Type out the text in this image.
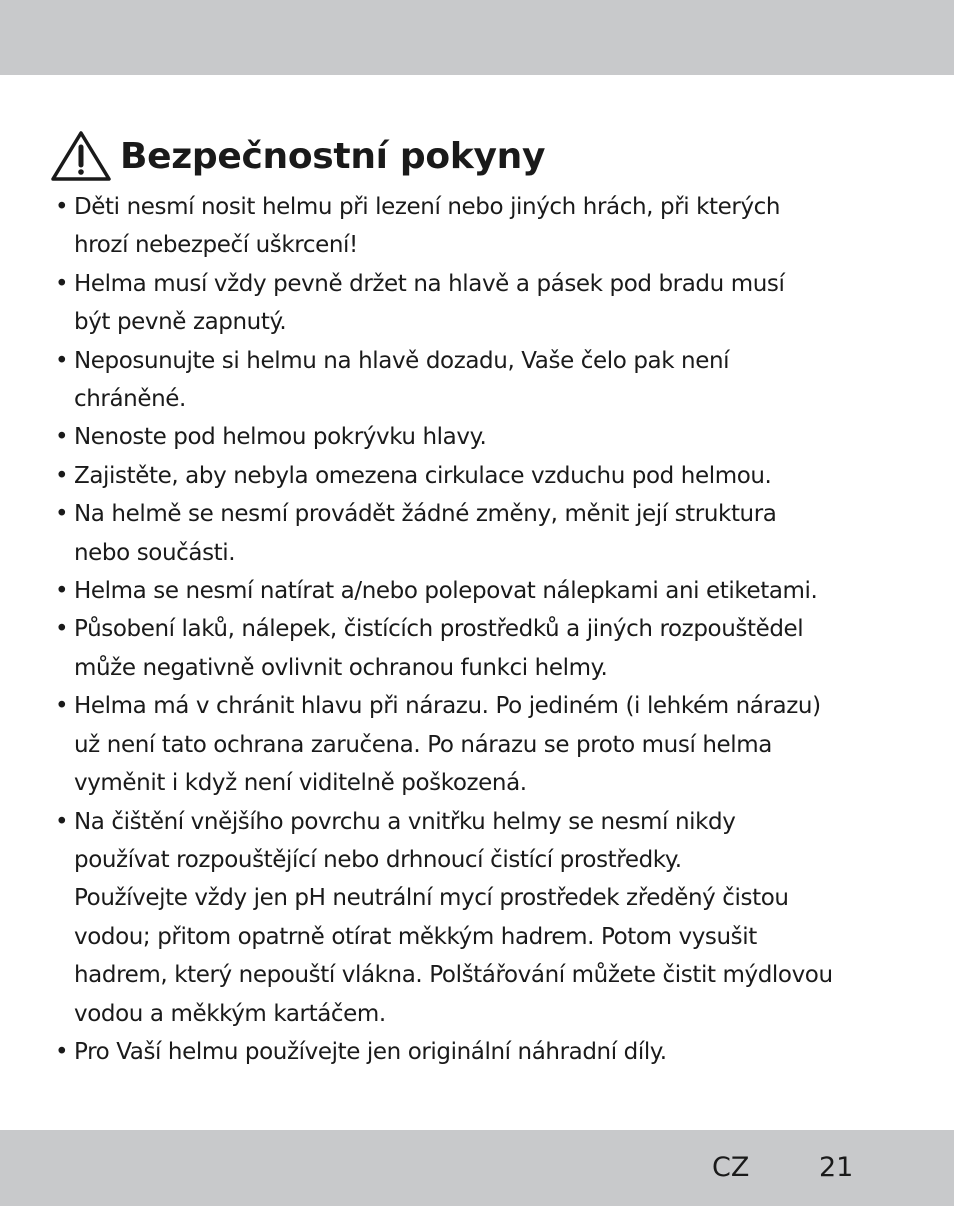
Bezpečnostní pokyny
• Děti nesmí nosit helmu při lezení nebo jiných hrách, při kterých
hrozí nebezpečí uškrcení!
• Helma musí vždy pevně držet na hlavě a pásek pod bradu musí
být pevně zapnutý.
• Neposunujte si helmu na hlavě dozadu, Vaše čelo pak není
chráněné.
• Nenoste pod helmou pokrývku hlavy.
• Zajistěte, aby nebyla omezena cirkulace vzduchu pod helmou.
• Na helmě se nesmí provádět žádné změny, měnit její struktura
nebo součásti.
• Helma se nesmí natírat a/nebo polepovat nálepkami ani etiketami.
• Působení laků, nálepek, čistících prostředků a jiných rozpouštědel
může negativně ovlivnit ochranou funkci helmy.
• Helma má v chránit hlavu při nárazu. Po jediném (i lehkém nárazu)
už není tato ochrana zaručena. Po nárazu se proto musí helma
vyměnit i když není viditelně poškozená.
• Na čištění vnějšího povrchu a vnitřku helmy se nesmí nikdy
používat rozpouštějící nebo drhnoucí čistící prostředky.
Používejte vždy jen pH neutrální mycí prostředek zředěný čistou
vodou; přitom opatrně otírat měkkým hadrem. Potom vysušit
hadrem, který nepouští vlákna. Polštářování můžete čistit mýdlovou
vodou a měkkým kartáčem.
• Pro Vaší helmu používejte jen originální náhradní díly.
CZ	21
